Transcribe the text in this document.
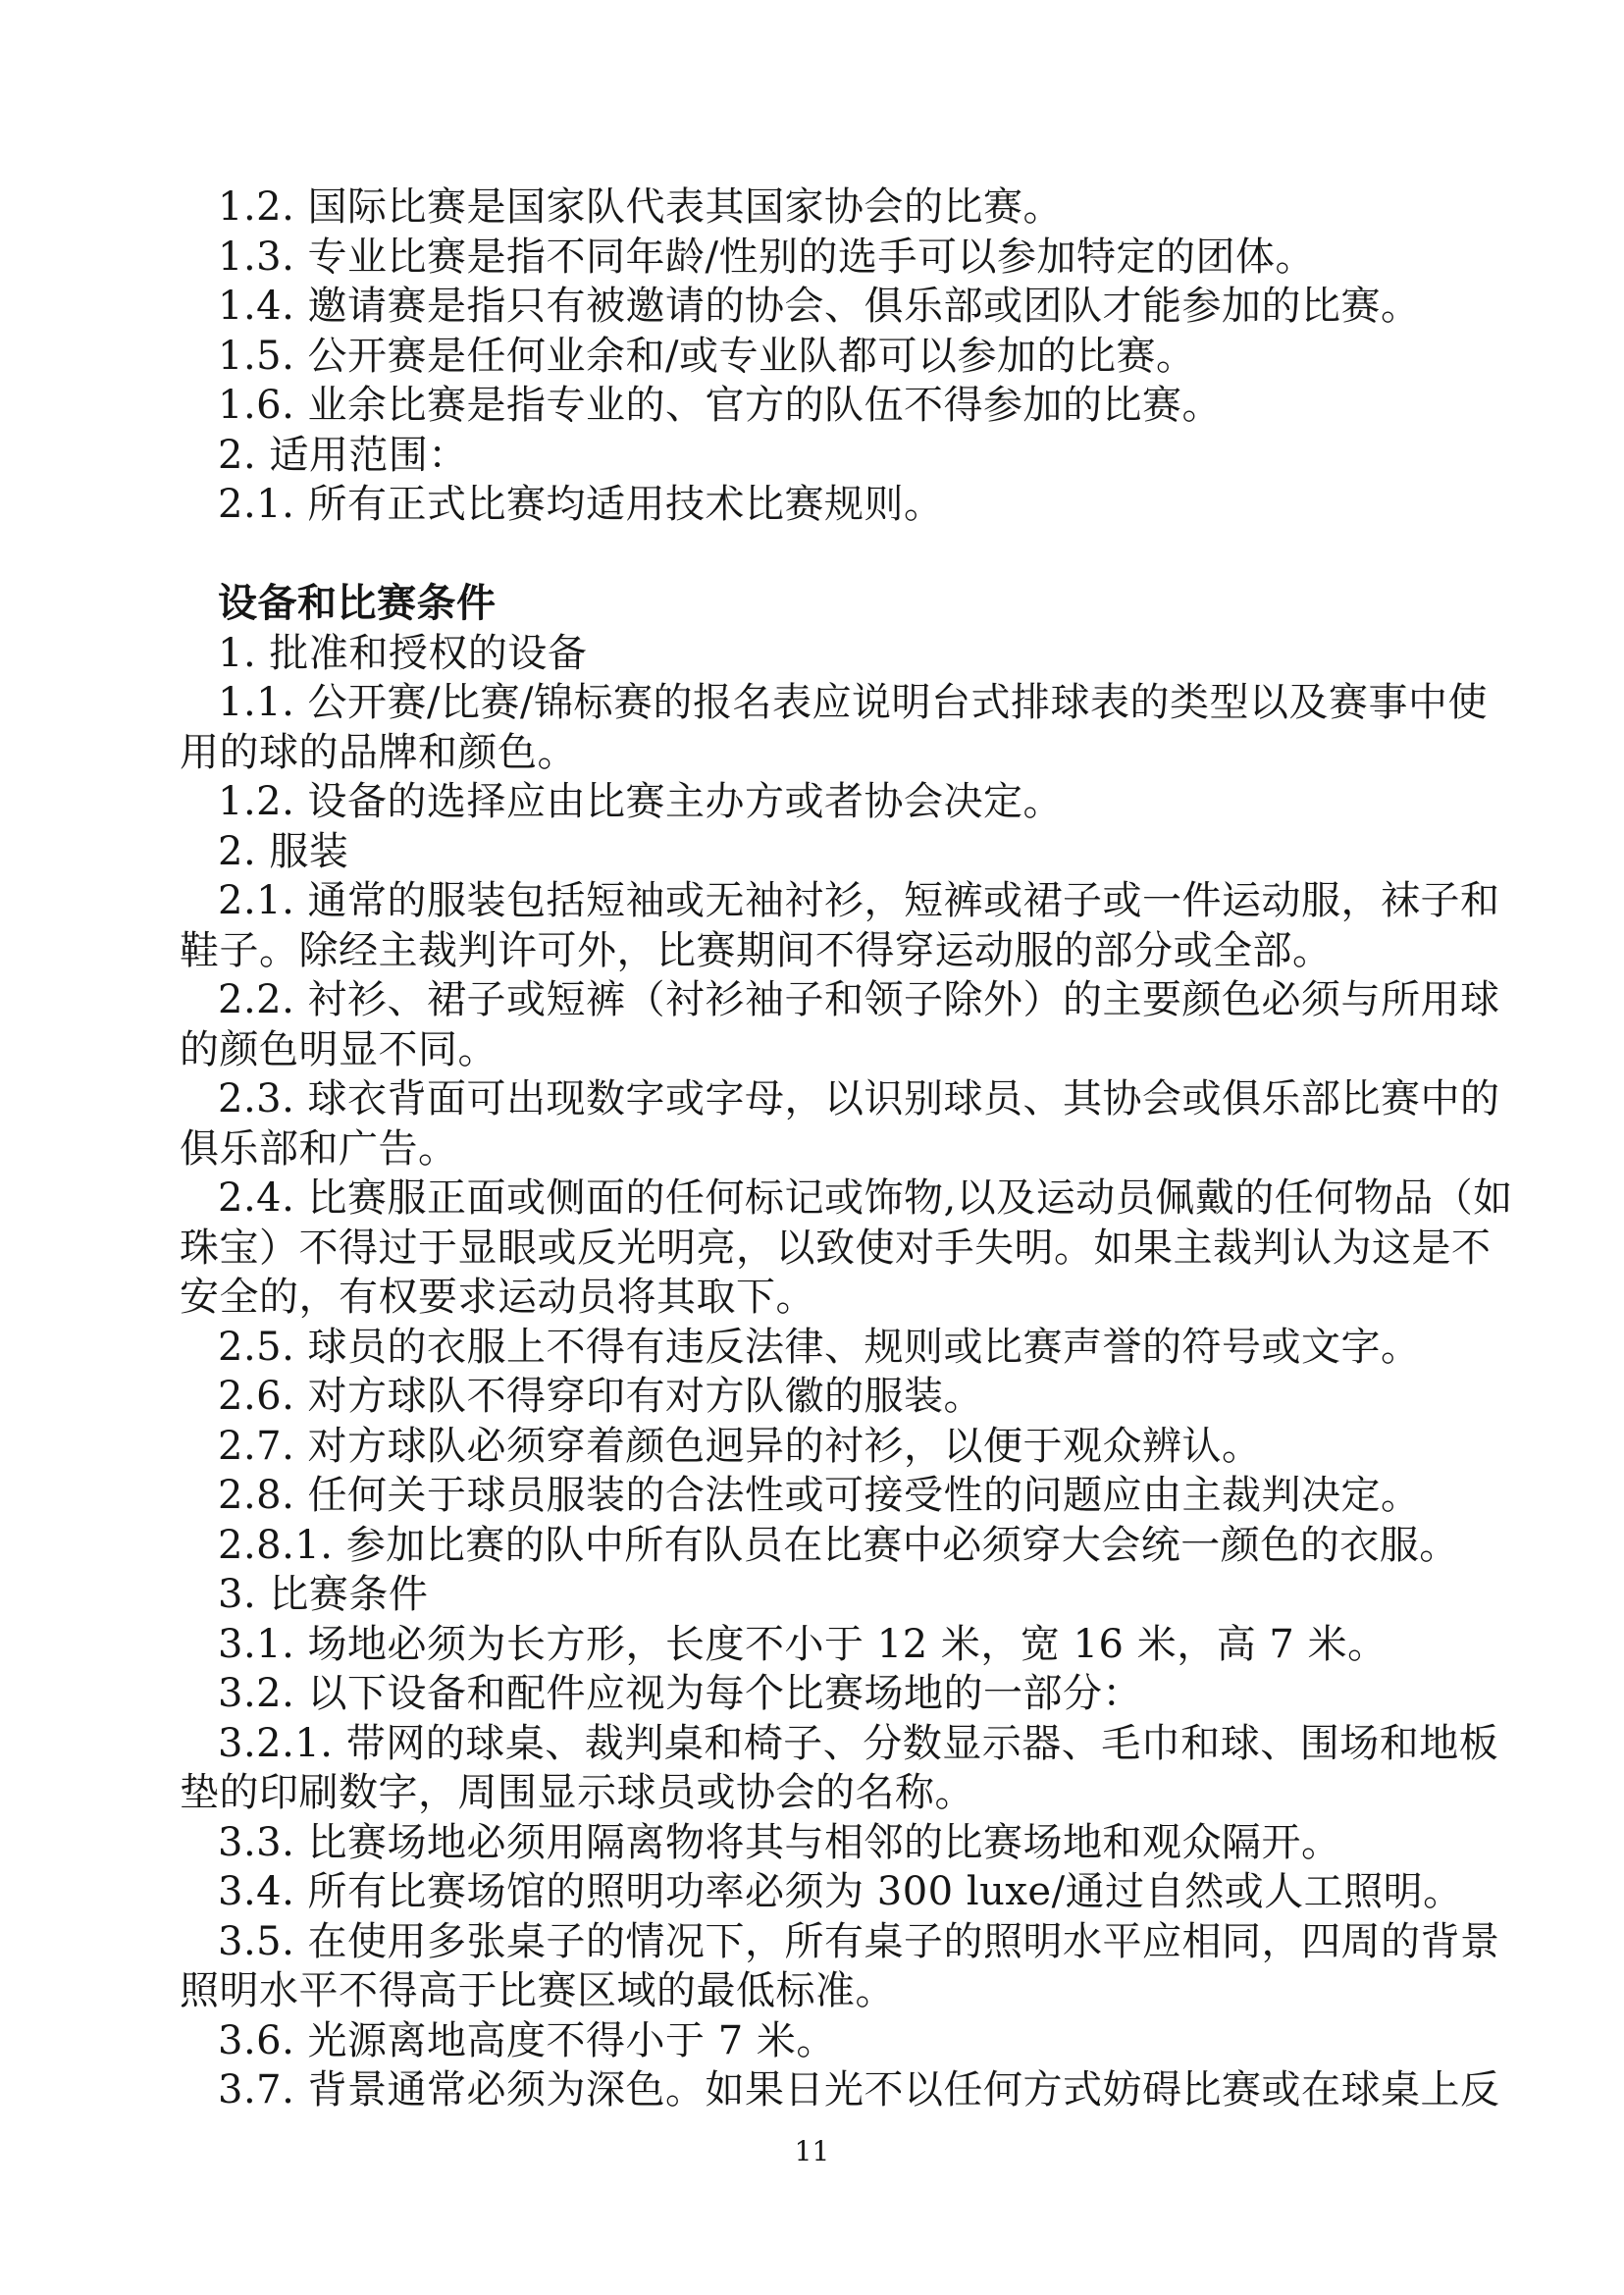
1.2. 国际比赛是国家队代表其国家协会的比赛。
1.3. 专业比赛是指不同年龄/性别的选手可以参加特定的团体。
1.4. 邀请赛是指只有被邀请的协会、俱乐部或团队才能参加的比赛。
1.5. 公开赛是任何业余和/或专业队都可以参加的比赛。
1.6. 业余比赛是指专业的、官方的队伍不得参加的比赛。
2. 适用范围：
2.1. 所有正式比赛均适用技术比赛规则。

设备和比赛条件
1. 批准和授权的设备
1.1. 公开赛/比赛/锦标赛的报名表应说明台式排球表的类型以及赛事中使
用的球的品牌和颜色。
1.2. 设备的选择应由比赛主办方或者协会决定。
2. 服装
2.1. 通常的服装包括短袖或无袖衬衫，短裤或裙子或一件运动服，袜子和
鞋子。除经主裁判许可外，比赛期间不得穿运动服的部分或全部。
2.2. 衬衫、裙子或短裤（衬衫袖子和领子除外）的主要颜色必须与所用球
的颜色明显不同。
2.3. 球衣背面可出现数字或字母，以识别球员、其协会或俱乐部比赛中的
俱乐部和广告。
2.4. 比赛服正面或侧面的任何标记或饰物,以及运动员佩戴的任何物品（如
珠宝）不得过于显眼或反光明亮，以致使对手失明。如果主裁判认为这是不
安全的，有权要求运动员将其取下。
2.5. 球员的衣服上不得有违反法律、规则或比赛声誉的符号或文字。
2.6. 对方球队不得穿印有对方队徽的服装。
2.7. 对方球队必须穿着颜色迥异的衬衫，以便于观众辨认。
2.8. 任何关于球员服装的合法性或可接受性的问题应由主裁判决定。
2.8.1. 参加比赛的队中所有队员在比赛中必须穿大会统一颜色的衣服。
3. 比赛条件
3.1. 场地必须为长方形，长度不小于 12 米，宽 16 米，高 7 米。
3.2. 以下设备和配件应视为每个比赛场地的一部分：
3.2.1. 带网的球桌、裁判桌和椅子、分数显示器、毛巾和球、围场和地板
垫的印刷数字，周围显示球员或协会的名称。
3.3. 比赛场地必须用隔离物将其与相邻的比赛场地和观众隔开。
3.4. 所有比赛场馆的照明功率必须为 300 luxe/通过自然或人工照明。
3.5. 在使用多张桌子的情况下，所有桌子的照明水平应相同，四周的背景
照明水平不得高于比赛区域的最低标准。
3.6. 光源离地高度不得小于 7 米。
3.7. 背景通常必须为深色。如果日光不以任何方式妨碍比赛或在球桌上反
11
